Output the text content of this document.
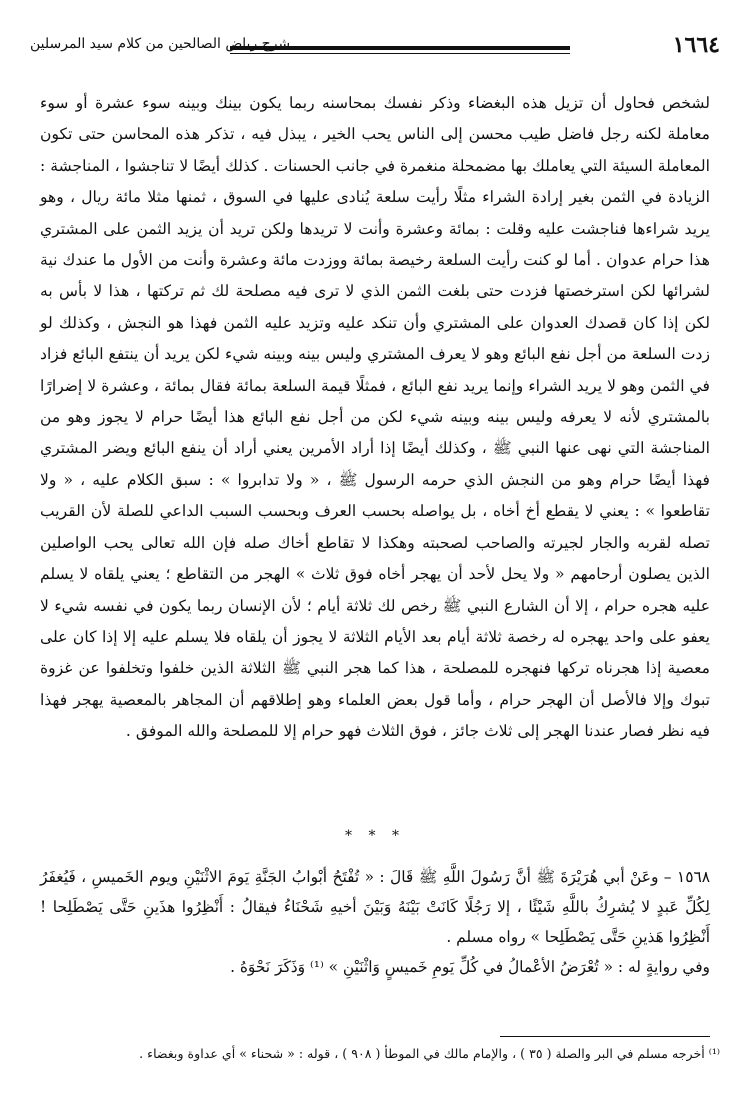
١٦٦٤
شرح رياض الصالحين من كلام سيد المرسلين

لشخص فحاول أن تزيل هذه البغضاء وذكر نفسك بمحاسنه ربما يكون بينك وبينه سوء عشرة أو سوء معاملة لكنه رجل فاضل طيب محسن إلى الناس يحب الخير ، يبذل فيه ، تذكر هذه المحاسن حتى تكون المعاملة السيئة التي يعاملك بها مضمحلة منغمرة في جانب الحسنات . كذلك أيضًا لا تناجشوا ، المناجشة : الزيادة في الثمن بغير إرادة الشراء مثلًا رأيت سلعة يُنادى عليها في السوق ، ثمنها مثلا مائة ريال ، وهو يريد شراءها فناجشت عليه وقلت : بمائة وعشرة وأنت لا تريدها ولكن تريد أن يزيد الثمن على المشتري هذا حرام عدوان . أما لو كنت رأيت السلعة رخيصة بمائة ووزدت مائة وعشرة وأنت من الأول ما عندك نية لشرائها لكن استرخصتها فزدت حتى بلغت الثمن الذي لا ترى فيه مصلحة لك ثم تركتها ، هذا لا بأس به لكن إذا كان قصدك العدوان على المشتري وأن تنكد عليه وتزيد عليه الثمن فهذا هو النجش ، وكذلك لو زدت السلعة من أجل نفع البائع وهو لا يعرف المشتري وليس بينه وبينه شيء لكن يريد أن ينتفع البائع فزاد في الثمن وهو لا يريد الشراء وإنما يريد نفع البائع ، فمثلًا قيمة السلعة بمائة فقال بمائة ، وعشرة لا إضرارًا بالمشتري لأنه لا يعرفه وليس بينه وبينه شيء لكن من أجل نفع البائع هذا أيضًا حرام لا يجوز وهو من المناجشة التي نهى عنها النبي ﷺ ، وكذلك أيضًا إذا أراد الأمرين يعني أراد أن ينفع البائع ويضر المشتري فهذا أيضًا حرام وهو من النجش الذي حرمه الرسول ﷺ ، « ولا تدابروا » : سبق الكلام عليه ، « ولا تقاطعوا » : يعني لا يقطع أخ أخاه ، بل يواصله بحسب العرف وبحسب السبب الداعي للصلة لأن القريب تصله لقربه والجار لجيرته والصاحب لصحبته وهكذا لا تقاطع أخاك صله فإن الله تعالى يحب الواصلين الذين يصلون أرحامهم « ولا يحل لأحد أن يهجر أخاه فوق ثلاث » الهجر من التقاطع ؛ يعني يلقاه لا يسلم عليه هجره حرام ، إلا أن الشارع النبي ﷺ رخص لك ثلاثة أيام ؛ لأن الإنسان ربما يكون في نفسه شيء لا يعفو على واحد يهجره له رخصة ثلاثة أيام بعد الأيام الثلاثة لا يجوز أن يلقاه فلا يسلم عليه إلا إذا كان على معصية إذا هجرناه تركها فنهجره للمصلحة ، هذا كما هجر النبي ﷺ الثلاثة الذين خلفوا وتخلفوا عن غزوة تبوك وإلا فالأصل أن الهجر حرام ، وأما قول بعض العلماء وهو إطلاقهم أن المجاهر بالمعصية يهجر فهذا فيه نظر فصار عندنا الهجر إلى ثلاث جائز ، فوق الثلاث فهو حرام إلا للمصلحة والله الموفق .

* * *

١٥٦٨ – وعَنْ أبي هُرَيْرَةَ ﷺ أنَّ رَسُولَ اللَّهِ ﷺ قَالَ : « تُفْتَحُ أبْوابُ الجَنَّةِ يَومَ الاثْنَيْنِ ويوم الخَميسِ ، فَيُغفَرُ لِكُلِّ عَبدٍ لا يُشرِكُ باللَّهِ شَيْئًا ، إلا رَجُلًا كَانَتْ بَيْنَهُ وَبَيْنَ أخيهِ شَحْنَاءُ فيقالُ : أَنْظِرُوا هذَينِ حَتَّى يَصْطَلِحا ! أَنْظِرُوا هَذينِ حَتَّى يَصْطَلِحا » رواه مسلم .

وفي روايةٍ له : « تُعْرَضُ الأعْمالُ في كُلِّ يَومِ خَميسٍ وَاثْنَيْنِ » ⁽¹⁾ وَذَكَرَ نَحْوَهُ .

⁽¹⁾ أخرجه مسلم في البر والصلة ( ٣٥ ) ، والإمام مالك في الموطأ ( ٩٠٨ ) ، قوله : « شحناء » أي عداوة وبغضاء .
